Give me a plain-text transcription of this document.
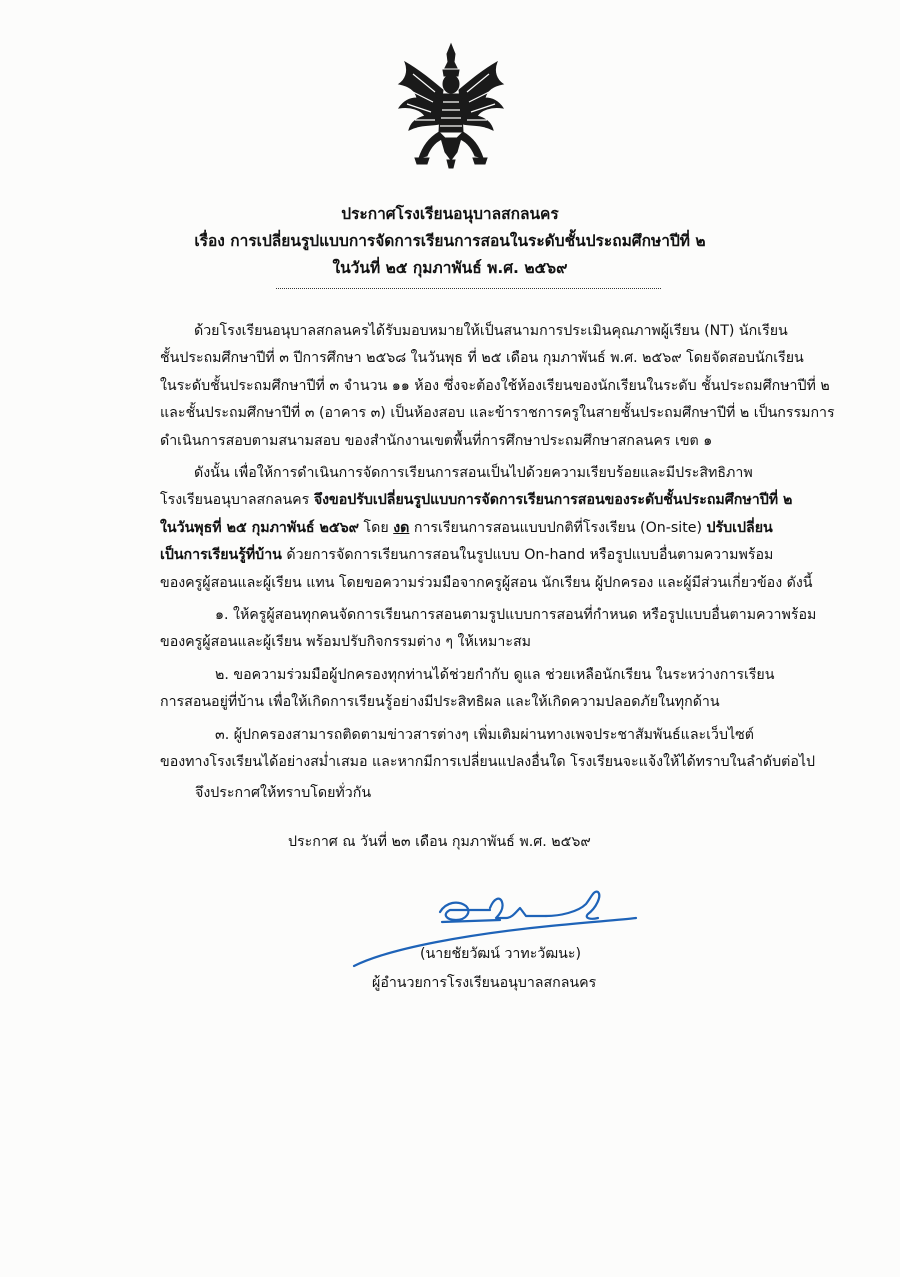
ประกาศโรงเรียนอนุบาลสกลนคร
เรื่อง การเปลี่ยนรูปแบบการจัดการเรียนการสอนในระดับชั้นประถมศึกษาปีที่ ๒
ในวันที่ ๒๕ กุมภาพันธ์ พ.ศ. ๒๕๖๙

ด้วยโรงเรียนอนุบาลสกลนครได้รับมอบหมายให้เป็นสนามการประเมินคุณภาพผู้เรียน (NT) นักเรียน
ชั้นประถมศึกษาปีที่ ๓ ปีการศึกษา ๒๕๖๘ ในวันพุธ ที่ ๒๕ เดือน กุมภาพันธ์ พ.ศ. ๒๕๖๙ โดยจัดสอบนักเรียน
ในระดับชั้นประถมศึกษาปีที่ ๓ จำนวน ๑๑ ห้อง ซึ่งจะต้องใช้ห้องเรียนของนักเรียนในระดับ ชั้นประถมศึกษาปีที่ ๒
และชั้นประถมศึกษาปีที่ ๓ (อาคาร ๓) เป็นห้องสอบ และข้าราชการครูในสายชั้นประถมศึกษาปีที่ ๒ เป็นกรรมการ
ดำเนินการสอบตามสนามสอบ ของสำนักงานเขตพื้นที่การศึกษาประถมศึกษาสกลนคร เขต ๑

ดังนั้น เพื่อให้การดำเนินการจัดการเรียนการสอนเป็นไปด้วยความเรียบร้อยและมีประสิทธิภาพ
โรงเรียนอนุบาลสกลนคร จึงขอปรับเปลี่ยนรูปแบบการจัดการเรียนการสอนของระดับชั้นประถมศึกษาปีที่ ๒
ในวันพุธที่ ๒๕ กุมภาพันธ์ ๒๕๖๙ โดย งด การเรียนการสอนแบบปกติที่โรงเรียน (On-site) ปรับเปลี่ยน
เป็นการเรียนรู้ที่บ้าน ด้วยการจัดการเรียนการสอนในรูปแบบ On-hand หรือรูปแบบอื่นตามความพร้อม
ของครูผู้สอนและผู้เรียน แทน โดยขอความร่วมมือจากครูผู้สอน นักเรียน ผู้ปกครอง และผู้มีส่วนเกี่ยวข้อง ดังนี้

๑. ให้ครูผู้สอนทุกคนจัดการเรียนการสอนตามรูปแบบการสอนที่กำหนด หรือรูปแบบอื่นตามควาพร้อม
ของครูผู้สอนและผู้เรียน พร้อมปรับกิจกรรมต่าง ๆ ให้เหมาะสม

๒. ขอความร่วมมือผู้ปกครองทุกท่านได้ช่วยกำกับ ดูแล ช่วยเหลือนักเรียน ในระหว่างการเรียน
การสอนอยู่ที่บ้าน เพื่อให้เกิดการเรียนรู้อย่างมีประสิทธิผล และให้เกิดความปลอดภัยในทุกด้าน

๓. ผู้ปกครองสามารถติดตามข่าวสารต่างๆ เพิ่มเติมผ่านทางเพจประชาสัมพันธ์และเว็บไซต์
ของทางโรงเรียนได้อย่างสม่ำเสมอ และหากมีการเปลี่ยนแปลงอื่นใด โรงเรียนจะแจ้งให้ได้ทราบในลำดับต่อไป

จึงประกาศให้ทราบโดยทั่วกัน
ประกาศ ณ วันที่ ๒๓ เดือน กุมภาพันธ์ พ.ศ. ๒๕๖๙
(นายชัยวัฒน์ วาทะวัฒนะ)
ผู้อำนวยการโรงเรียนอนุบาลสกลนคร
